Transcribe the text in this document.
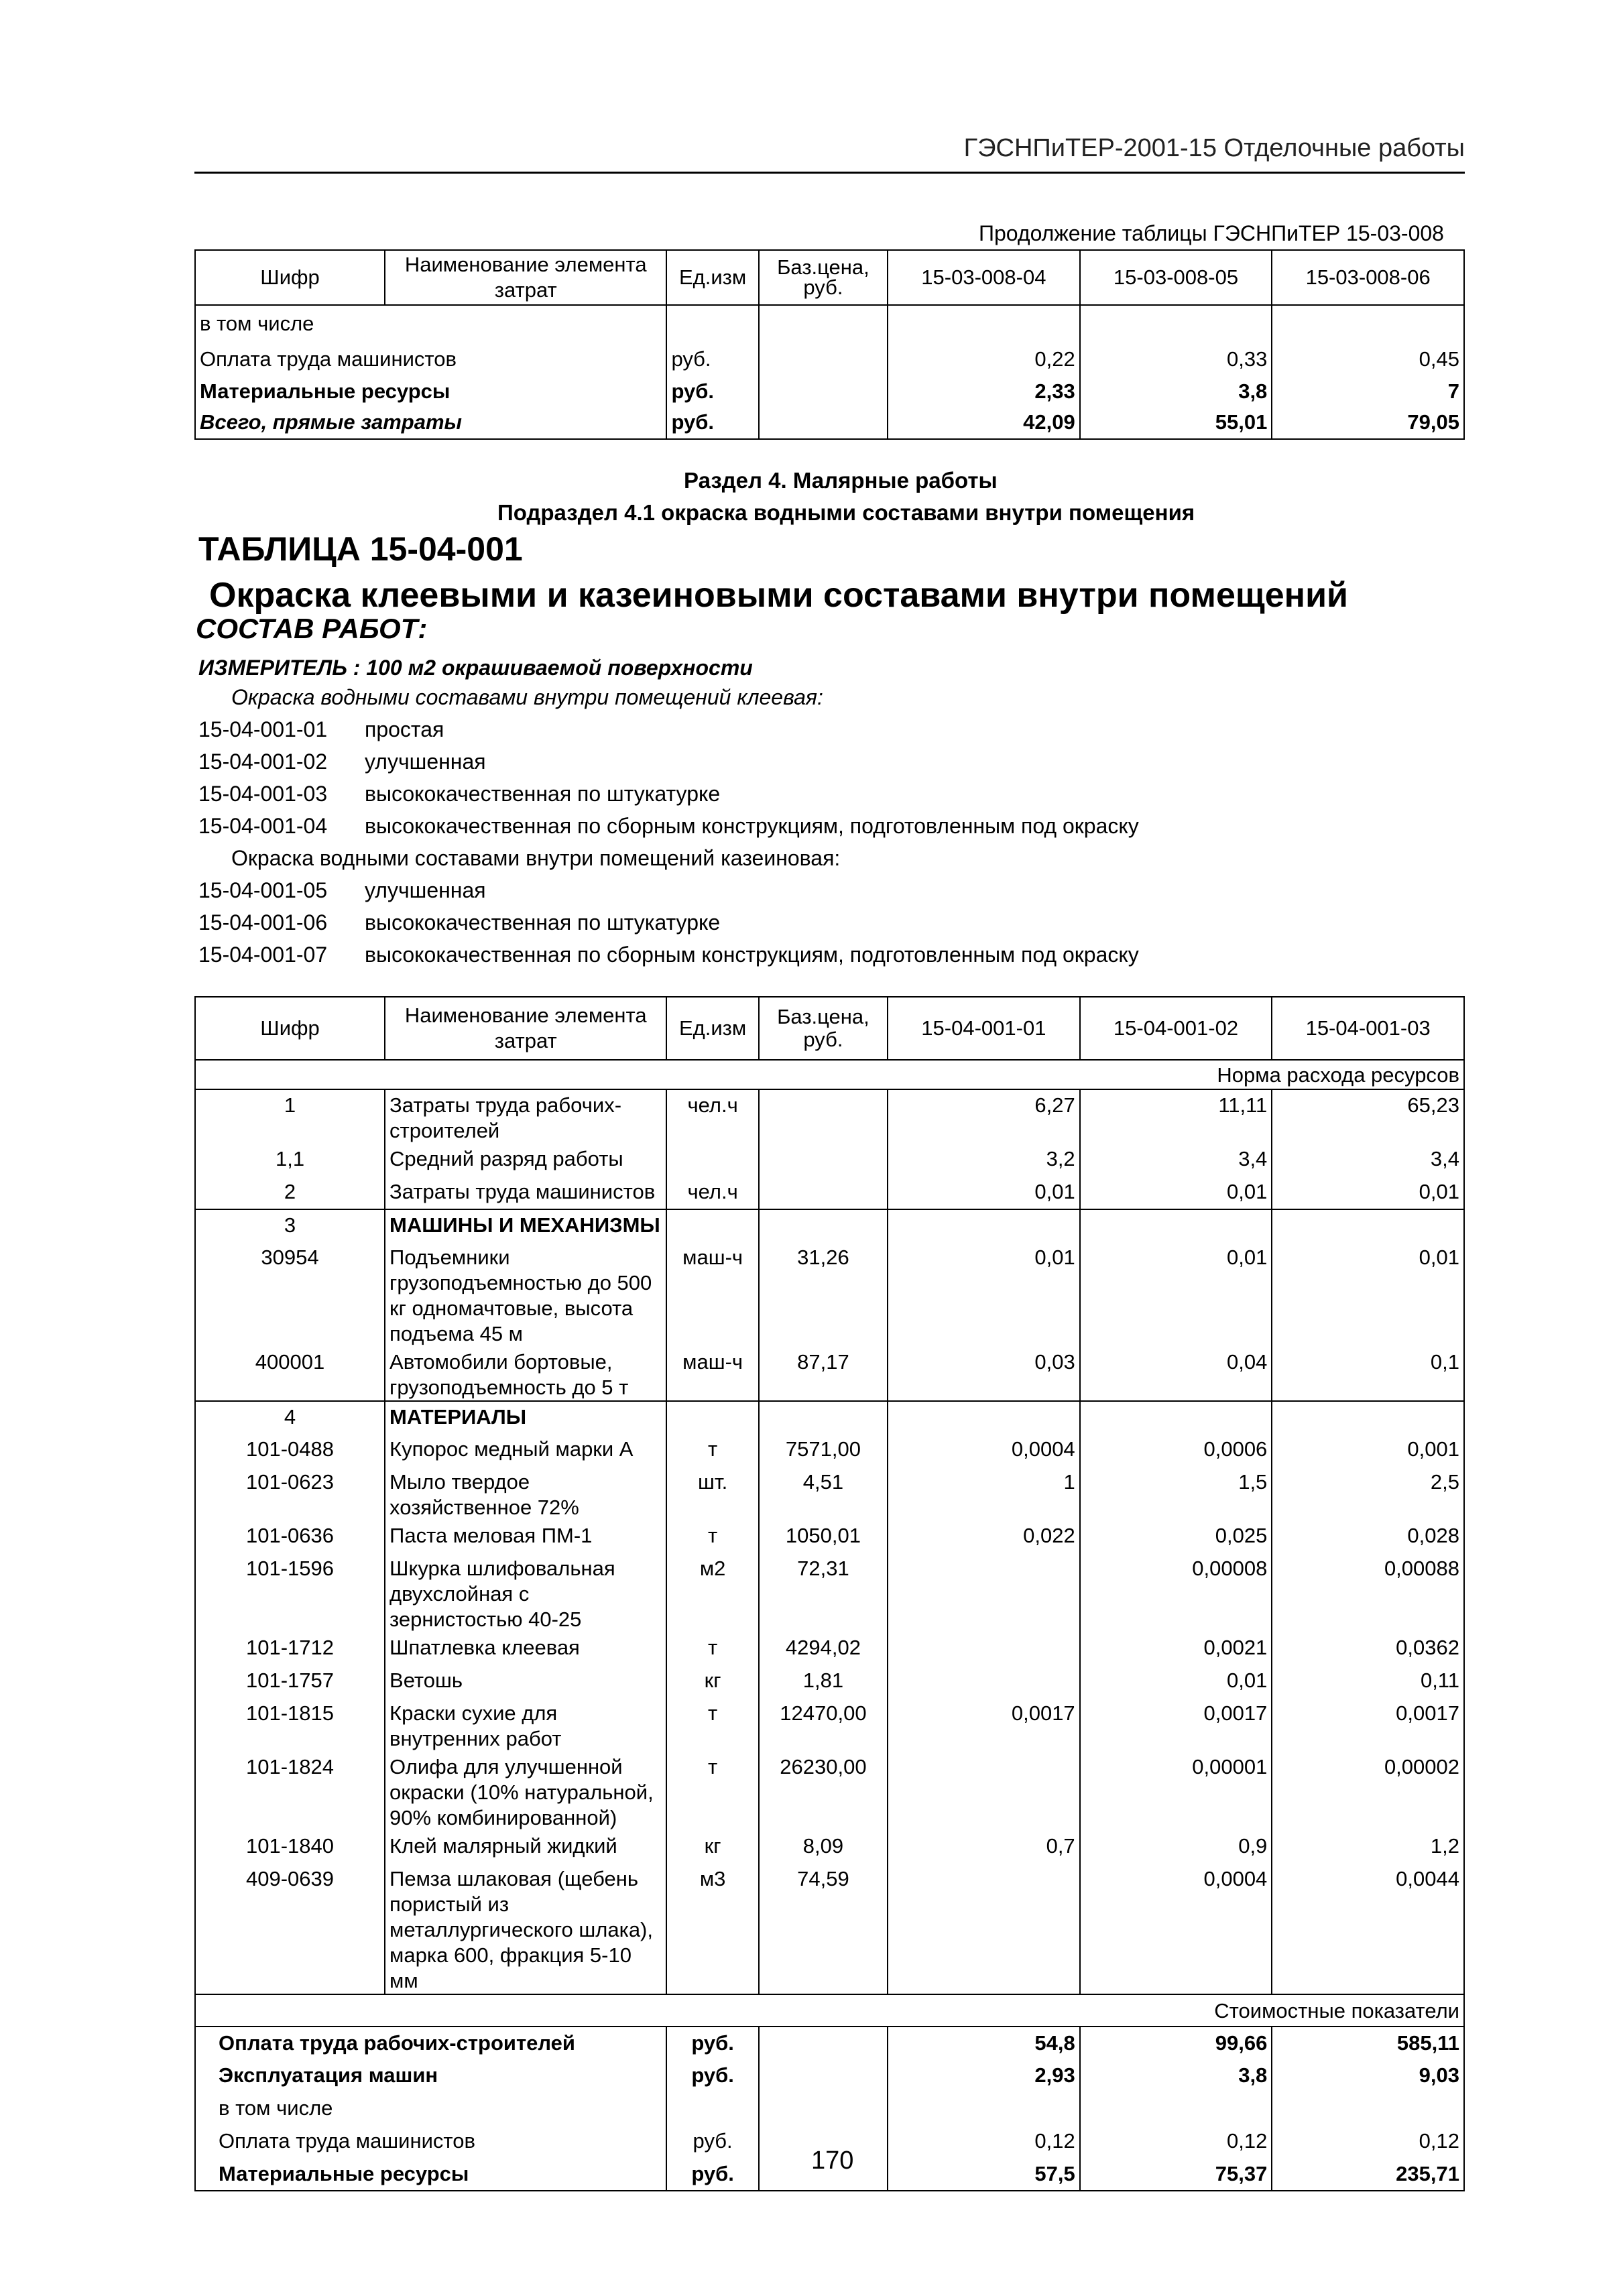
ГЭСНПиТЕР-2001-15 Отделочные работы
Продолжение таблицы ГЭСНПиТЕР 15-03-008
Шифр	Наименование элемента затрат	Ед.изм	Баз.цена, руб.	15-03-008-04	15-03-008-05	15-03-008-06
в том числе						
Оплата труда машинистов		руб.		0,22	0,33	0,45
Материальные ресурсы		руб.		2,33	3,8	7
Всего, прямые затраты		руб.		42,09	55,01	79,05
Раздел 4. Малярные работы
Подраздел 4.1 окраска водными составами внутри помещения
ТАБЛИЦА 15-04-001
Окраска клеевыми и казеиновыми составами внутри помещений
СОСТАВ РАБОТ:
ИЗМЕРИТЕЛЬ : 100 м2 окрашиваемой поверхности
Окраска водными составами внутри помещений клеевая:
15-04-001-01 простая
15-04-001-02 улучшенная
15-04-001-03 высококачественная по штукатурке
15-04-001-04 высококачественная по сборным конструкциям, подготовленным под окраску
Окраска водными составами внутри помещений казеиновая:
15-04-001-05 улучшенная
15-04-001-06 высококачественная по штукатурке
15-04-001-07 высококачественная по сборным конструкциям, подготовленным под окраску
Шифр	Наименование элемента затрат	Ед.изм	Баз.цена, руб.	15-04-001-01	15-04-001-02	15-04-001-03
Норма расхода ресурсов						
1	Затраты труда рабочих-строителей	чел.ч		6,27	11,11	65,23
1,1	Средний разряд работы			3,2	3,4	3,4
2	Затраты труда машинистов	чел.ч		0,01	0,01	0,01
3	МАШИНЫ И МЕХАНИЗМЫ					
30954	Подъемники грузоподъемностью до 500 кг одномачтовые, высота подъема 45 м	маш-ч	31,26	0,01	0,01	0,01
400001	Автомобили бортовые, грузоподъемность до 5 т	маш-ч	87,17	0,03	0,04	0,1
4	МАТЕРИАЛЫ					
101-0488	Купорос медный марки А	т	7571,00	0,0004	0,0006	0,001
101-0623	Мыло твердое хозяйственное 72%	шт.	4,51	1	1,5	2,5
101-0636	Паста меловая ПМ-1	т	1050,01	0,022	0,025	0,028
101-1596	Шкурка шлифовальная двухслойная с зернистостью 40-25	м2	72,31		0,00008	0,00088
101-1712	Шпатлевка клеевая	т	4294,02		0,0021	0,0362
101-1757	Ветошь	кг	1,81		0,01	0,11
101-1815	Краски сухие для внутренних работ	т	12470,00	0,0017	0,0017	0,0017
101-1824	Олифа для улучшенной окраски (10% натуральной, 90% комбинированной)	т	26230,00		0,00001	0,00002
101-1840	Клей малярный жидкий	кг	8,09	0,7	0,9	1,2
409-0639	Пемза шлаковая (щебень пористый из металлургического шлака), марка 600, фракция 5-10 мм	м3	74,59		0,0004	0,0044
Стоимостные показатели						
Оплата труда рабочих-строителей		руб.		54,8	99,66	585,11
Эксплуатация машин		руб.		2,93	3,8	9,03
в том числе						
Оплата труда машинистов		руб.		0,12	0,12	0,12
Материальные ресурсы		руб.		57,5	75,37	235,71
170
